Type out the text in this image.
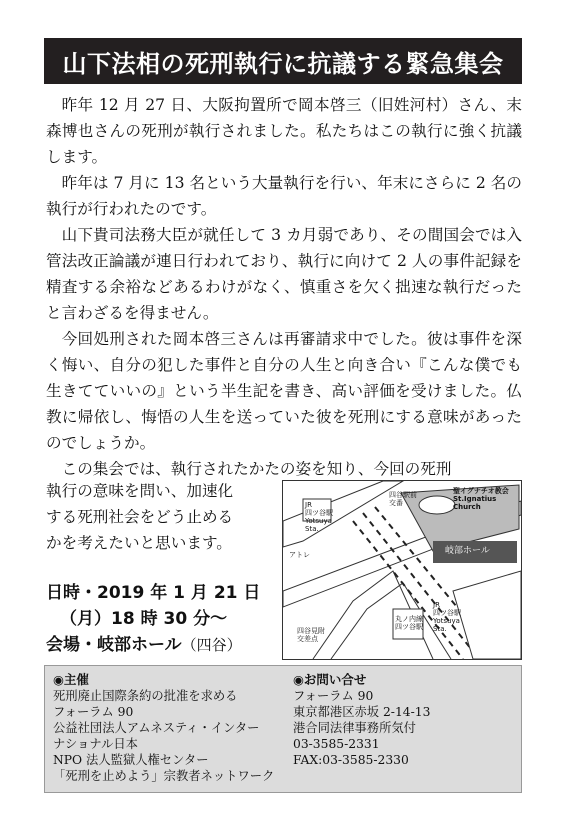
山下法相の死刑執行に抗議する緊急集会

昨年 12 月 27 日、大阪拘置所で岡本啓三（旧姓河村）さん、末森博也さんの死刑が執行されました。私たちはこの執行に強く抗議します。

昨年は 7 月に 13 名という大量執行を行い、年末にさらに 2 名の執行が行われたのです。

山下貴司法務大臣が就任して 3 カ月弱であり、その間国会では入管法改正論議が連日行われており、執行に向けて 2 人の事件記録を精査する余裕などあるわけがなく、慎重さを欠く拙速な執行だったと言わざるを得ません。

今回処刑された岡本啓三さんは再審請求中でした。彼は事件を深く悔い、自分の犯した事件と自分の人生と向き合い『こんな僕でも生きてていいの』という半生記を書き、高い評価を受けました。仏教に帰依し、悔悟の人生を送っていた彼を死刑にする意味があったのでしょうか。

この集会では、執行されたかたの姿を知り、今回の死刑

執行の意味を問い、加速化
する死刑社会をどう止める
かを考えたいと思います。
日時・2019 年 1 月 21 日
（月）18 時 30 分～
会場・岐部ホール（四谷）
四谷駅前
交番
聖イグナチオ教会
St.Ignatius Church
JR
四ツ谷駅
Yotsuya
Sta.
アトレ	岐部ホール
四谷見附
交差点
丸ノ内線
四ツ谷駅
JR
四ツ谷駅
Yotsuya
Sta.
◉主催
死刑廃止国際条約の批准を求める
フォーラム 90
公益社団法人アムネスティ・インター
ナショナル日本
NPO 法人監獄人権センター
「死刑を止めよう」宗教者ネットワーク
◉お問い合せ
フォーラム 90
東京都港区赤坂 2-14-13
港合同法律事務所気付
03-3585-2331
FAX:03-3585-2330
